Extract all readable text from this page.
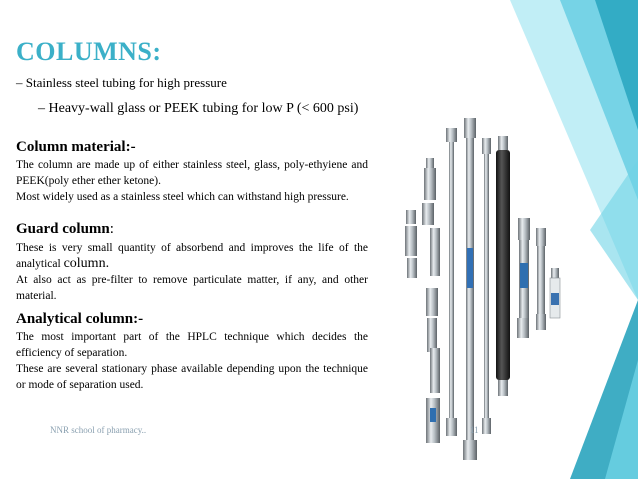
COLUMNS:
– Stainless steel tubing for high pressure
– Heavy-wall glass or PEEK tubing for low P (< 600 psi)
Column material:-

The column are made up of either stainless steel, glass, poly-ethyiene and PEEK(poly ether ether ketone).

Most widely used as a stainless steel which can withstand high pressure.

Guard column:

These is very small quantity of absorbend and improves the life of the analytical column.

At also act as pre-filter to remove particulate matter, if any, and other material.

Analytical column:-

The most important part of the HPLC technique which decides the efficiency of separation.

These are several stationary phase available depending upon the technique or mode of separation used.

NNR school of pharmacy..	11
